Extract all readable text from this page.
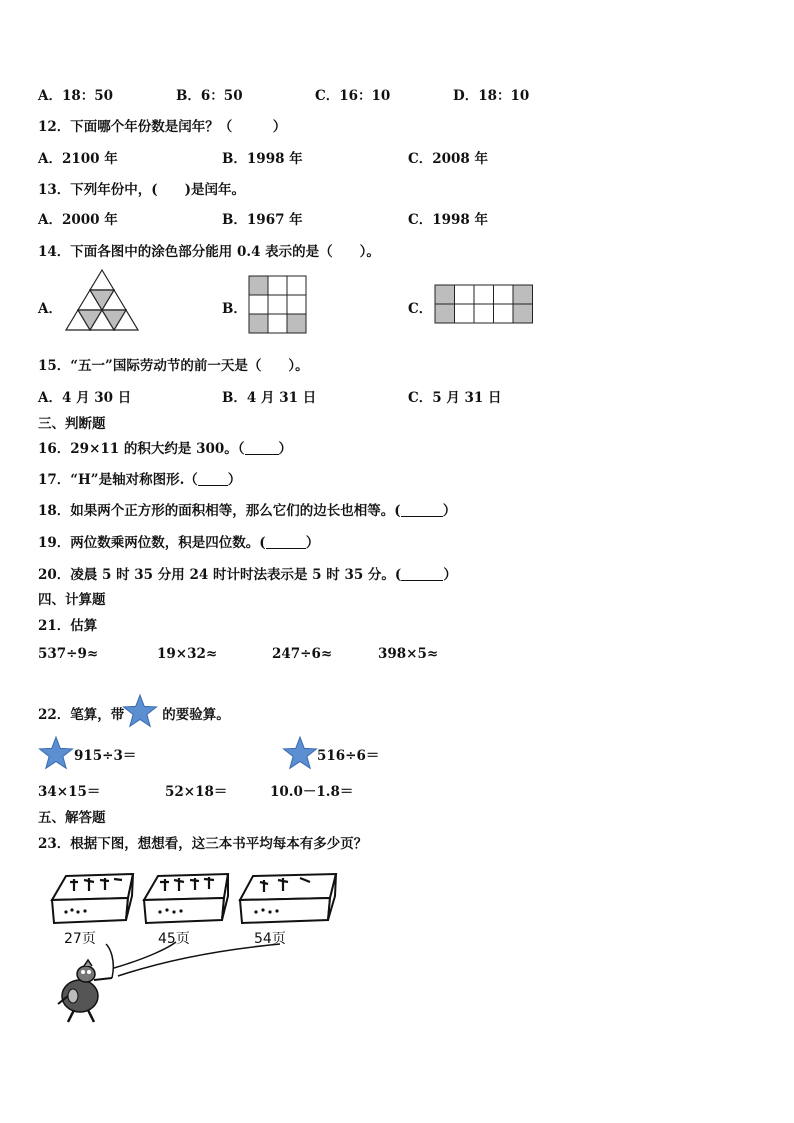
A．18：50	B．6：50	C．16：10	D．18：10
12．下面哪个年份数是闰年？（　　　）
A．2100 年	B．1998 年	C．2008 年
13．下列年份中，(　　)是闰年。
A．2000 年	B．1967 年	C．1998 年
14．下面各图中的涂色部分能用 0.4 表示的是（　　）。
A．	B．	C．
15．“五一”国际劳动节的前一天是（　　）。
A．4 月 30 日	B．4 月 31 日	C．5 月 31 日
三、判断题
16．29×11 的积大约是 300。（	）
17．“H”是轴对称图形.（ ）
18．如果两个正方形的面积相等，那么它们的边长也相等。(	）
19．两位数乘两位数，积是四位数。(	）
20．凌晨 5 时 35 分用 24 时计时法表示是 5 时 35 分。(	）
四、计算题
21．估算
537÷9≈	19×32≈	247÷6≈	398×5≈
22．笔算，带	的要验算。
915÷3＝	516÷6＝
34×15＝	52×18＝	10.0－1.8＝
五、解答题
23．根据下图，想想看，这三本书平均每本有多少页？
27页	45页	54页
